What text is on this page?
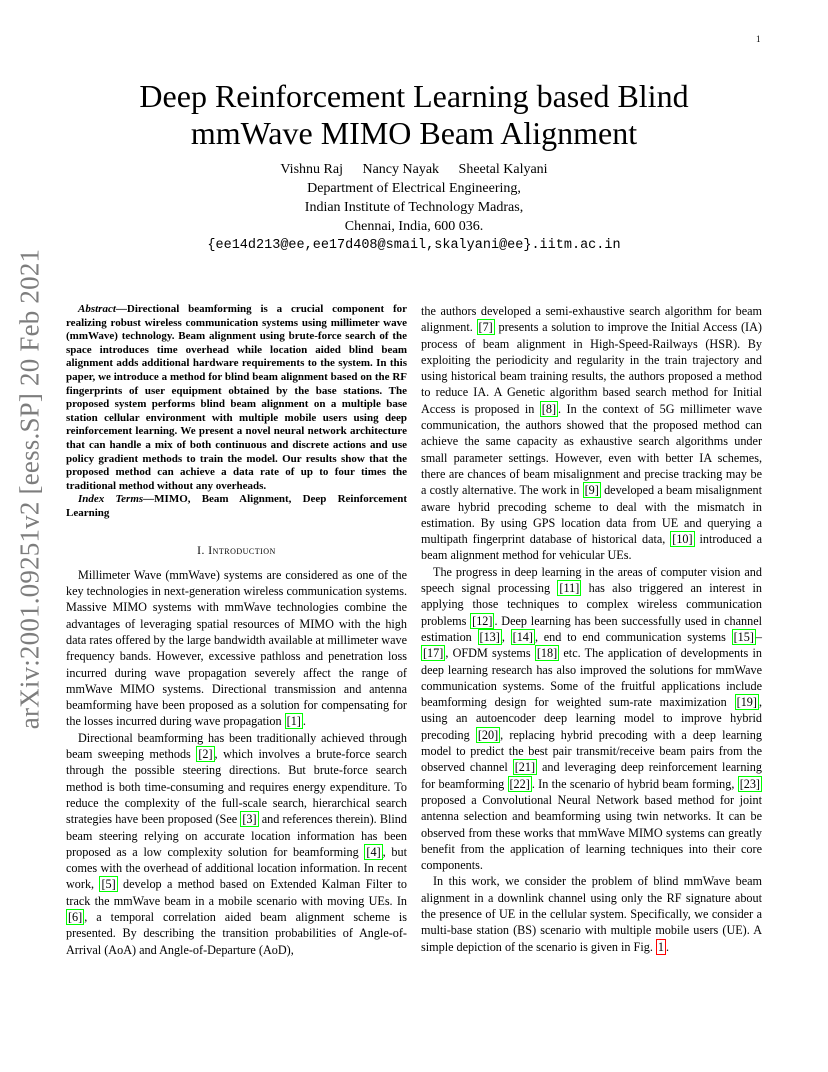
1
arXiv:2001.09251v2 [eess.SP] 20 Feb 2021
Deep Reinforcement Learning based Blind
mmWave MIMO Beam Alignment
Vishnu Raj Nancy Nayak Sheetal Kalyani
Department of Electrical Engineering,
Indian Institute of Technology Madras,
Chennai, India, 600 036.
{ee14d213@ee,ee17d408@smail,skalyani@ee}.iitm.ac.in

Abstract—Directional beamforming is a crucial component for realizing robust wireless communication systems using millimeter wave (mmWave) technology. Beam alignment using brute-force search of the space introduces time overhead while location aided blind beam alignment adds additional hardware requirements to the system. In this paper, we introduce a method for blind beam alignment based on the RF fingerprints of user equipment obtained by the base stations. The proposed system performs blind beam alignment on a multiple base station cellular environment with multiple mobile users using deep reinforcement learning. We present a novel neural network architecture that can handle a mix of both continuous and discrete actions and use policy gradient methods to train the model. Our results show that the proposed method can achieve a data rate of up to four times the traditional method without any overheads.

Index Terms—MIMO, Beam Alignment, Deep Reinforcement Learning

I. Introduction

Millimeter Wave (mmWave) systems are considered as one of the key technologies in next-generation wireless communication systems. Massive MIMO systems with mmWave technologies combine the advantages of leveraging spatial resources of MIMO with the high data rates offered by the large bandwidth available at millimeter wave frequency bands. However, excessive pathloss and penetration loss incurred during wave propagation severely affect the range of mmWave MIMO systems. Directional transmission and antenna beamforming have been proposed as a solution for compensating for the losses incurred during wave propagation [1] .

Directional beamforming has been traditionally achieved through beam sweeping methods [2] , which involves a brute-force search through the possible steering directions. But brute-force search method is both time-consuming and requires energy expenditure. To reduce the complexity of the full-scale search, hierarchical search strategies have been proposed (See [3] and references therein). Blind beam steering relying on accurate location information has been proposed as a low complexity solution for beamforming [4] , but comes with the overhead of additional location information. In recent work, [5] develop a method based on Extended Kalman Filter to track the mmWave beam in a mobile scenario with moving UEs. In [6] , a temporal correlation aided beam alignment scheme is presented. By describing the transition probabilities of Angle-of-Arrival (AoA) and Angle-of-Departure (AoD),

the authors developed a semi-exhaustive search algorithm for beam alignment. [7] presents a solution to improve the Initial Access (IA) process of beam alignment in High-Speed-Railways (HSR). By exploiting the periodicity and regularity in the train trajectory and using historical beam training results, the authors proposed a method to reduce IA. A Genetic algorithm based search method for Initial Access is proposed in [8] . In the context of 5G millimeter wave communication, the authors showed that the proposed method can achieve the same capacity as exhaustive search algorithms under small parameter settings. However, even with better IA schemes, there are chances of beam misalignment and precise tracking may be a costly alternative. The work in [9] developed a beam misalignment aware hybrid precoding scheme to deal with the mismatch in estimation. By using GPS location data from UE and querying a multipath fingerprint database of historical data, [10] introduced a beam alignment method for vehicular UEs.

The progress in deep learning in the areas of computer vision and speech signal processing [11] has also triggered an interest in applying those techniques to complex wireless communication problems [12] . Deep learning has been successfully used in channel estimation [13] , [14] , end to end communication systems [15] –[17] , OFDM systems [18] etc. The application of developments in deep learning research has also improved the solutions for mmWave communication systems. Some of the fruitful applications include beamforming design for weighted sum-rate maximization [19] , using an autoencoder deep learning model to improve hybrid precoding [20] , replacing hybrid precoding with a deep learning model to predict the best pair transmit/receive beam pairs from the observed channel [21] and leveraging deep reinforcement learning for beamforming [22] . In the scenario of hybrid beam forming, [23] proposed a Convolutional Neural Network based method for joint antenna selection and beamforming using twin networks. It can be observed from these works that mmWave MIMO systems can greatly benefit from the application of learning techniques into their core components.

In this work, we consider the problem of blind mmWave beam alignment in a downlink channel using only the RF signature about the presence of UE in the cellular system. Specifically, we consider a multi-base station (BS) scenario with multiple mobile users (UE). A simple depiction of the scenario is given in Fig. 1 .
